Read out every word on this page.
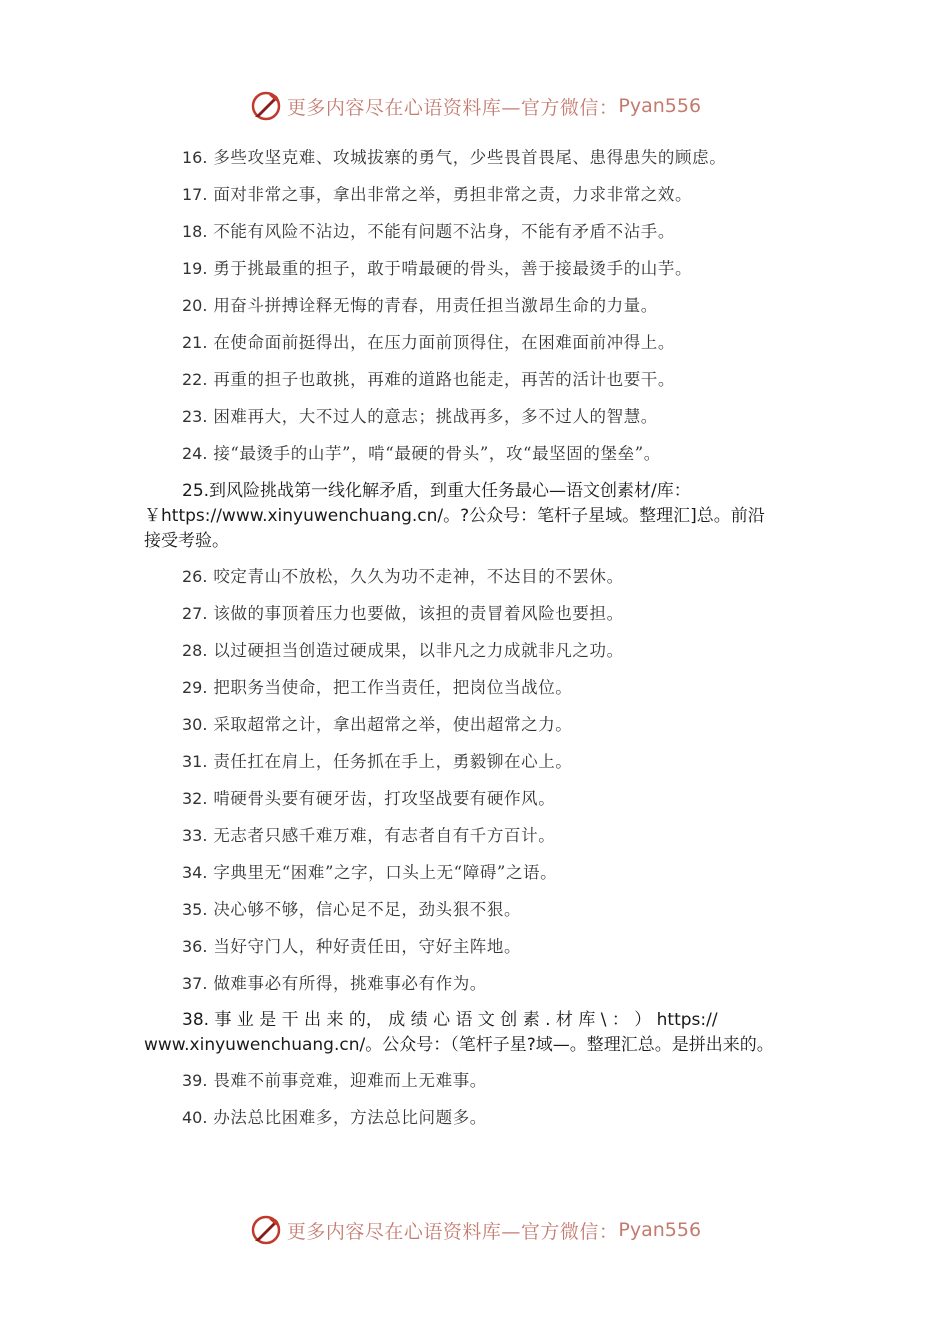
更多内容尽在心语资料库—官方微信： Pyan556
16. 多些攻坚克难、攻城拔寨的勇气，少些畏首畏尾、患得患失的顾虑。
17. 面对非常之事，拿出非常之举，勇担非常之责，力求非常之效。
18. 不能有风险不沾边，不能有问题不沾身，不能有矛盾不沾手。
19. 勇于挑最重的担子，敢于啃最硬的骨头，善于接最烫手的山芋。
20. 用奋斗拼搏诠释无悔的青春，用责任担当激昂生命的力量。
21. 在使命面前挺得出，在压力面前顶得住，在困难面前冲得上。
22. 再重的担子也敢挑，再难的道路也能走，再苦的活计也要干。
23. 困难再大，大不过人的意志；挑战再多，多不过人的智慧。
24. 接“最烫手的山芋”，啃“最硬的骨头”，攻“最坚固的堡垒”。
25.到风险挑战第一线化解矛盾，到重大任务最心—语文创素材/库：
￥https://www.xinyuwenchuang.cn/。?公众号：笔杆子星域。整理汇]总。前沿
接受考验。
26. 咬定青山不放松，久久为功不走神，不达目的不罢休。
27. 该做的事顶着压力也要做，该担的责冒着风险也要担。
28. 以过硬担当创造过硬成果，以非凡之力成就非凡之功。
29. 把职务当使命，把工作当责任，把岗位当战位。
30. 采取超常之计，拿出超常之举，使出超常之力。
31. 责任扛在肩上，任务抓在手上，勇毅铆在心上。
32. 啃硬骨头要有硬牙齿，打攻坚战要有硬作风。
33. 无志者只感千难万难，有志者自有千方百计。
34. 字典里无“困难”之字，口头上无“障碍”之语。
35. 决心够不够，信心足不足，劲头狠不狠。
36. 当好守门人，种好责任田，守好主阵地。
37. 做难事必有所得，挑难事必有作为。
38. 事 业 是 干 出 来 的， 成 绩 心 语 文 创 素 . 材 库 \ ： ） https://
www.xinyuwenchuang.cn/。公众号：（笔杆子星?域—。整理汇总。是拼出来的。
39. 畏难不前事竞难，迎难而上无难事。
40. 办法总比困难多，方法总比问题多。
更多内容尽在心语资料库—官方微信： Pyan556
